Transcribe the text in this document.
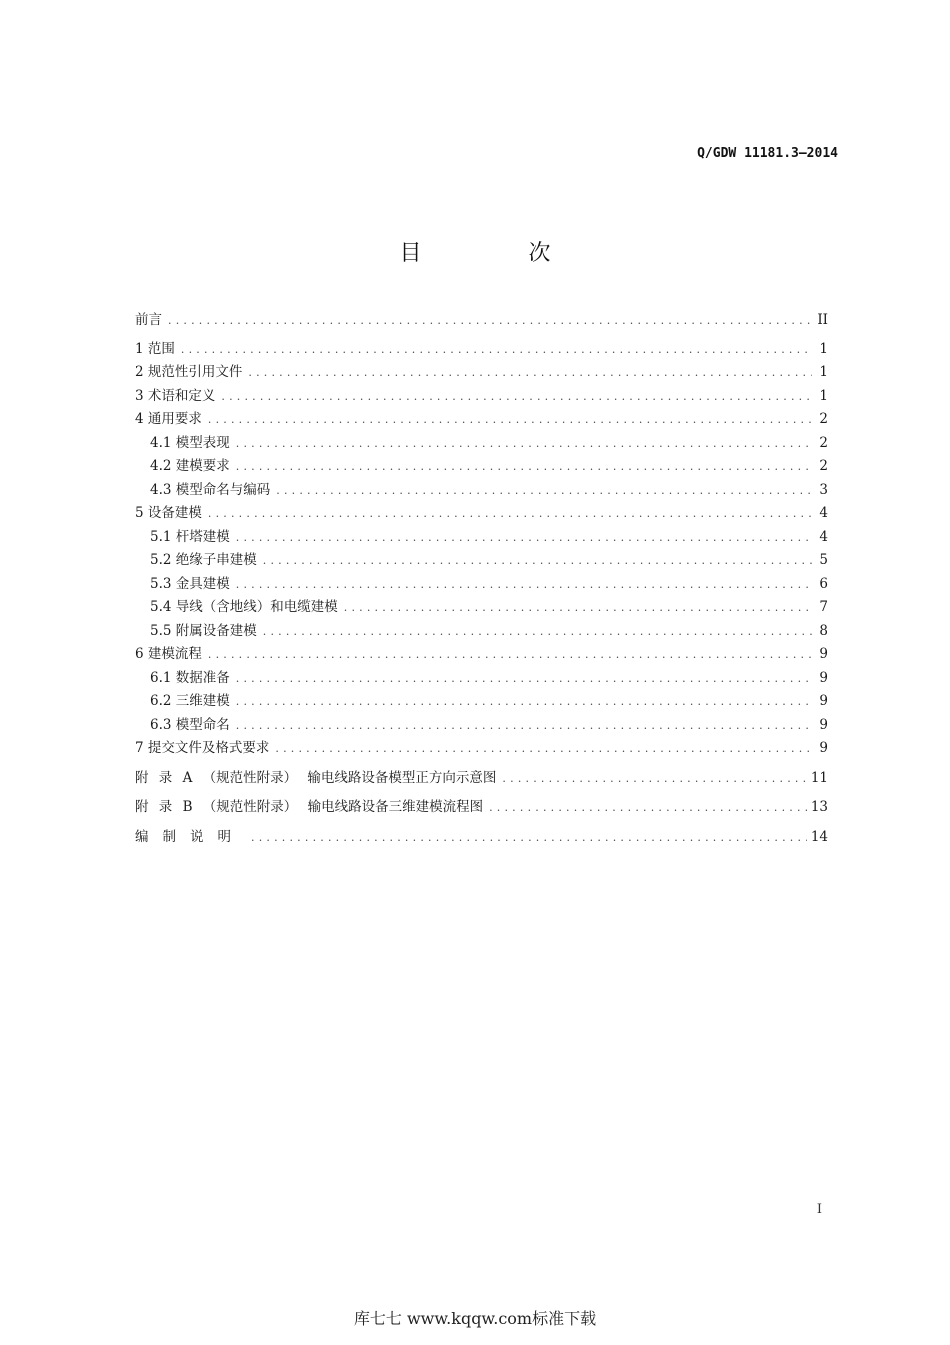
Q/GDW 11181.3—2014
目 次
前言 .....	II
1 范围 .....	1
2 规范性引用文件 .....	1
3 术语和定义 .....	1
4 通用要求 .....	2
4.1 模型表现 .....	2
4.2 建模要求 .....	2
4.3 模型命名与编码 .....	3
5 设备建模 .....	4
5.1 杆塔建模 .....	4
5.2 绝缘子串建模 .....	5
5.3 金具建模 .....	6
5.4 导线（含地线）和电缆建模 .....	7
5.5 附属设备建模 .....	8
6 建模流程 .....	9
6.1 数据准备 .....	9
6.2 三维建模 .....	9
6.3 模型命名 .....	9
7 提交文件及格式要求 .....	9
附 录 A （规范性附录） 输电线路设备模型正方向示意图 .....	11
附 录 B （规范性附录） 输电线路设备三维建模流程图 .....	13
编制说明 .....	14
I
库七七 www.kqqw.com标准下载
